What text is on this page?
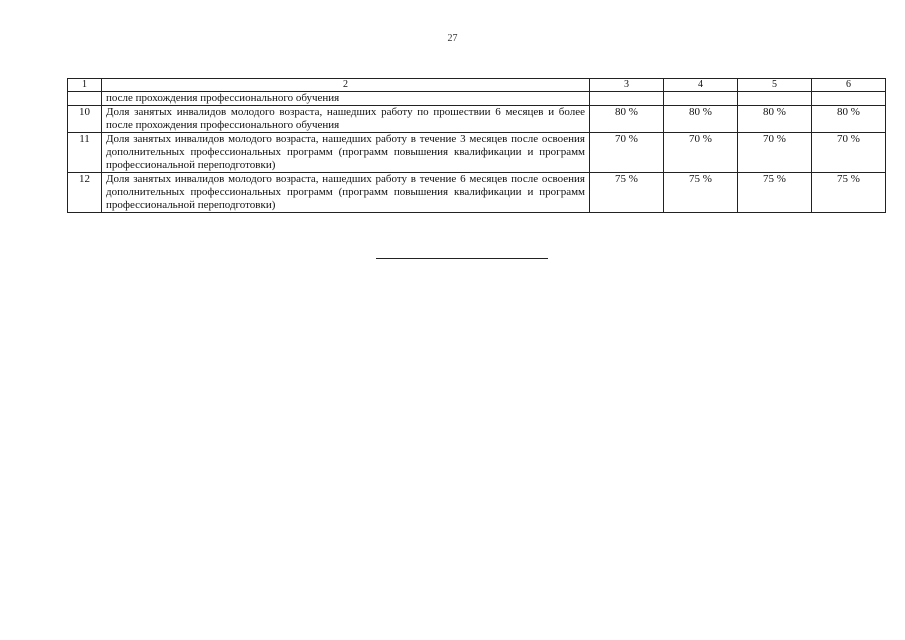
27
1	2	3	4	5	6
	после прохождения профессионального обучения				
10	Доля занятых инвалидов молодого возраста, нашедших работу по прошествии 6 месяцев и более после прохождения профессионального обучения	80 %	80 %	80 %	80 %
11	Доля занятых инвалидов молодого возраста, нашедших работу в течение 3 месяцев после освоения дополнительных профессиональных программ (программ повышения квалификации и программ профессиональной переподготовки)	70 %	70 %	70 %	70 %
12	Доля занятых инвалидов молодого возраста, нашедших работу в течение 6 месяцев после освоения дополнительных профессиональных программ (программ повышения квалификации и программ профессиональной переподготовки)	75 %	75 %	75 %	75 %
